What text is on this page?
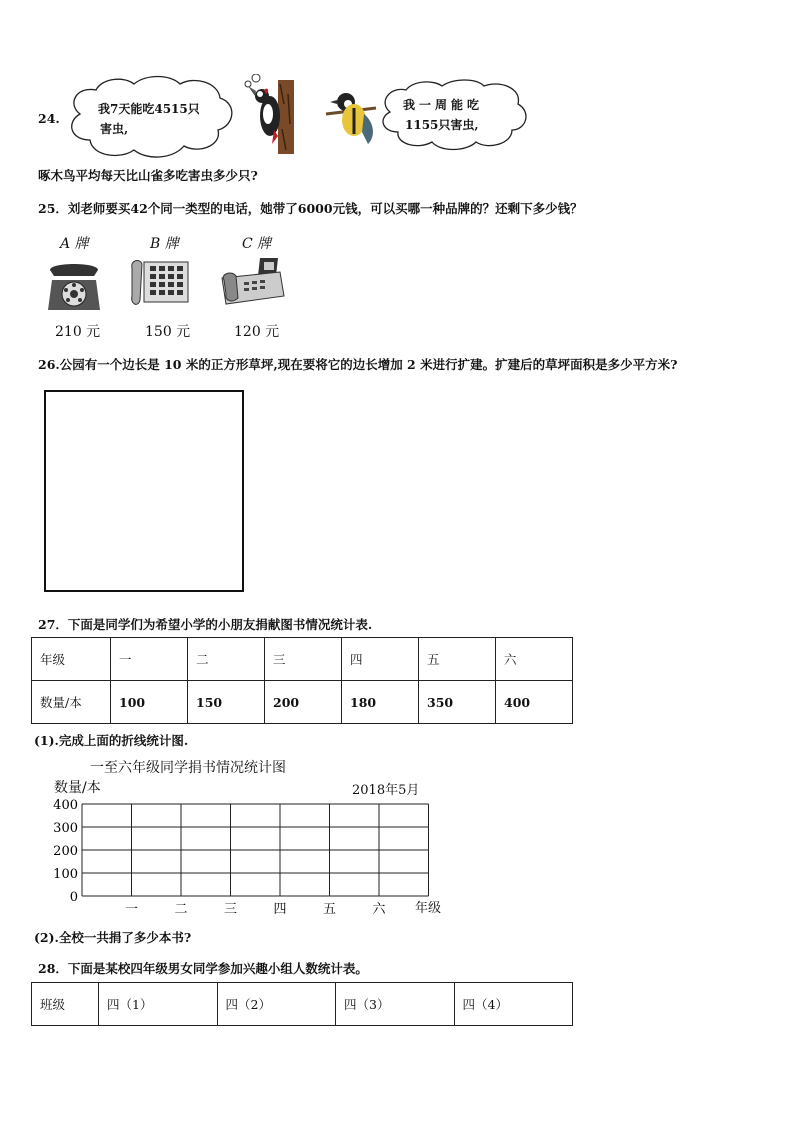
24.
我7天能吃4515只
害虫,
我一周能吃
1155只害虫,
啄木鸟平均每天比山雀多吃害虫多少只?
25．刘老师要买42个同一类型的电话，她带了6000元钱，可以买哪一种品牌的？还剩下多少钱？
A 牌	B 牌	C 牌
210 元	150 元	120 元
26.公园有一个边长是 10 米的正方形草坪,现在要将它的边长增加 2 米进行扩建。扩建后的草坪面积是多少平方米?
27．下面是同学们为希望小学的小朋友捐献图书情况统计表.
年级	一	二	三	四	五	六
数量/本	100	150	200	180	350	400
(1).完成上面的折线统计图.
一至六年级同学捐书情况统计图
数量/本	2018年5月
400
300
200
100
0
一	二	三	四	五	六 年级
(2).全校一共捐了多少本书?
28．下面是某校四年级男女同学参加兴趣小组人数统计表。
班级	四（1）	四（2）	四（3）	四（4）
